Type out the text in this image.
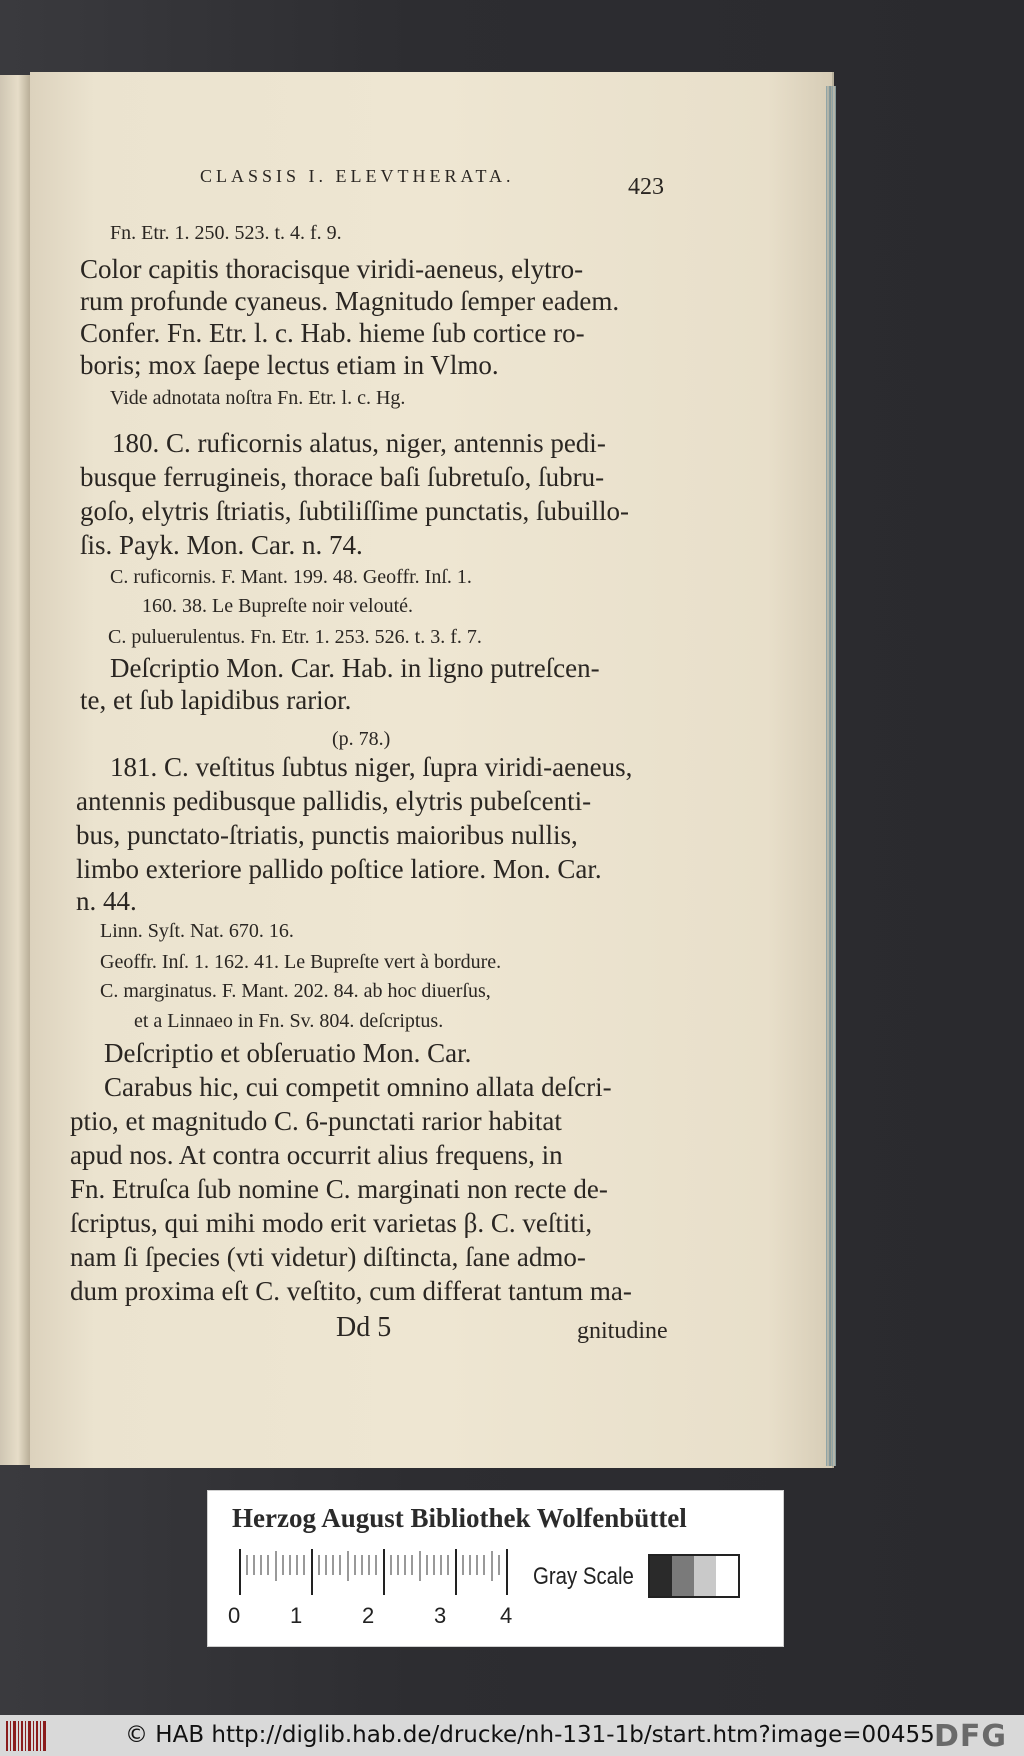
CLASSIS I. ELEVTHERATA.	423
Fn. Etr. 1. 250. 523. t. 4. f. 9.
Color capitis thoracisque viridi-aeneus, elytro-
rum profunde cyaneus. Magnitudo ſemper eadem.
Confer. Fn. Etr. l. c. Hab. hieme ſub cortice ro-
boris; mox ſaepe lectus etiam in Vlmo.
Vide adnotata noſtra Fn. Etr. l. c. Hg.
180. C. ruficornis alatus, niger, antennis pedi-
busque ferrugineis, thorace baſi ſubretuſo, ſubru-
goſo, elytris ſtriatis, ſubtiliſſime punctatis, ſubuillo-
ſis. Payk. Mon. Car. n. 74.
C. ruficornis. F. Mant. 199. 48. Geoffr. Inſ. 1.
160. 38. Le Bupreſte noir velouté.
C. puluerulentus. Fn. Etr. 1. 253. 526. t. 3. f. 7.
Deſcriptio Mon. Car. Hab. in ligno putreſcen-
te, et ſub lapidibus rarior.
(p. 78.)
181. C. veſtitus ſubtus niger, ſupra viridi-aeneus,
antennis pedibusque pallidis, elytris pubeſcenti-
bus, punctato-ſtriatis, punctis maioribus nullis,
limbo exteriore pallido poſtice latiore. Mon. Car.
n. 44.
Linn. Syſt. Nat. 670. 16.
Geoffr. Inſ. 1. 162. 41. Le Bupreſte vert à bordure.
C. marginatus. F. Mant. 202. 84. ab hoc diuerſus,
et a Linnaeo in Fn. Sv. 804. deſcriptus.
Deſcriptio et obſeruatio Mon. Car.
Carabus hic, cui competit omnino allata deſcri-
ptio, et magnitudo C. 6-punctati rarior habitat
apud nos. At contra occurrit alius frequens, in
Fn. Etruſca ſub nomine C. marginati non recte de-
ſcriptus, qui mihi modo erit varietas β. C. veſtiti,
nam ſi ſpecies (vti videtur) diſtincta, ſane admo-
dum proxima eſt C. veſtito, cum differat tantum ma-
Dd 5	gnitudine
Herzog August Bibliothek Wolfenbüttel
0 1	2	3 4
Gray Scale
© HAB http://diglib.hab.de/drucke/nh-131-1b/start.htm?image=00455 DFG
